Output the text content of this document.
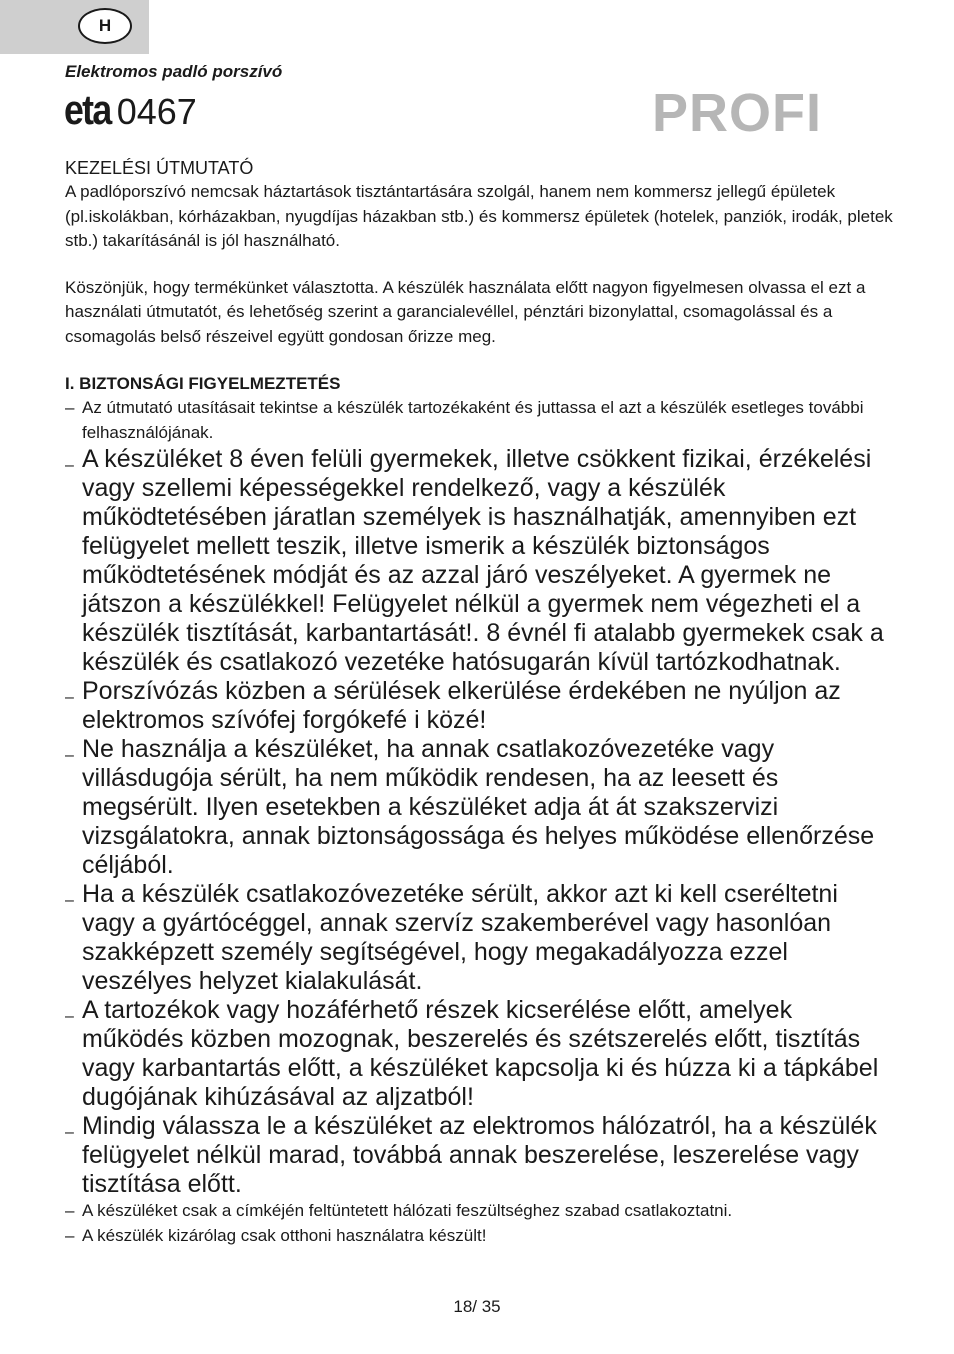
H
Elektromos padló porszívó
eta 0467	PROFI
KEZELÉSI ÚTMUTATÓ

A padlóporszívó nemcsak háztartások tisztántartására szolgál, hanem nem kommersz jellegű épületek (pl.iskolákban, kórházakban, nyugdíjas házakban stb.) és kommersz épületek (hotelek, panziók, irodák, pletek stb.) takarításánál is jól használható.

Köszönjük, hogy termékünket választotta. A készülék használata előtt nagyon figyelmesen olvassa el ezt a használati útmutatót, és lehetőség szerint a garancialevéllel, pénztári bizonylattal, csomagolással és a csomagolás belső részeivel együtt gondosan őrizze meg.

I. BIZTONSÁGI FIGYELMEZTETÉS
– Az útmutató utasításait tekintse a készülék tartozékaként és juttassa el azt a készülék esetleges további felhasználójának.
– A készüléket 8 éven felüli gyermekek, illetve csökkent fizikai, érzékelési vagy szellemi képességekkel rendelkező, vagy a készülék működtetésében járatlan személyek is használhatják, amennyiben ezt felügyelet mellett teszik, illetve ismerik a készülék biztonságos működtetésének módját és az azzal járó veszélyeket. A gyermek ne játszon a készülékkel! Felügyelet nélkül a gyermek nem végezheti el a készülék tisztítását, karbantartását!. 8 évnél fi atalabb gyermekek csak a készülék és csatlakozó vezetéke hatósugarán kívül tartózkodhatnak.
– Porszívózás közben a sérülések elkerülése érdekében ne nyúljon az elektromos szívófej forgókefé i közé!
– Ne használja a készüléket, ha annak csatlakozóvezetéke vagy villásdugója sérült, ha nem működik rendesen, ha az leesett és megsérült. Ilyen esetekben a készüléket adja át át szakszervizi vizsgálatokra, annak biztonságossága és helyes működése ellenőrzése céljából.
– Ha a készülék csatlakozóvezetéke sérült, akkor azt ki kell cseréltetni vagy a gyártócéggel, annak szervíz szakemberével vagy hasonlóan szakképzett személy segítségével, hogy megakadályozza ezzel veszélyes helyzet kialakulását.
– A tartozékok vagy hozáférhető részek kicserélése előtt, amelyek működés közben mozognak, beszerelés és szétszerelés előtt, tisztítás vagy karbantartás előtt, a készüléket kapcsolja ki és húzza ki a tápkábel dugójának kihúzásával az aljzatból!
– Mindig válassza le a készüléket az elektromos hálózatról, ha a készülék felügyelet nélkül marad, továbbá annak beszerelése, leszerelése vagy tisztítása előtt.
– A készüléket csak a címkéjén feltüntetett hálózati feszültséghez szabad csatlakoztatni.
– A készülék kizárólag csak otthoni használatra készült!
18/ 35
